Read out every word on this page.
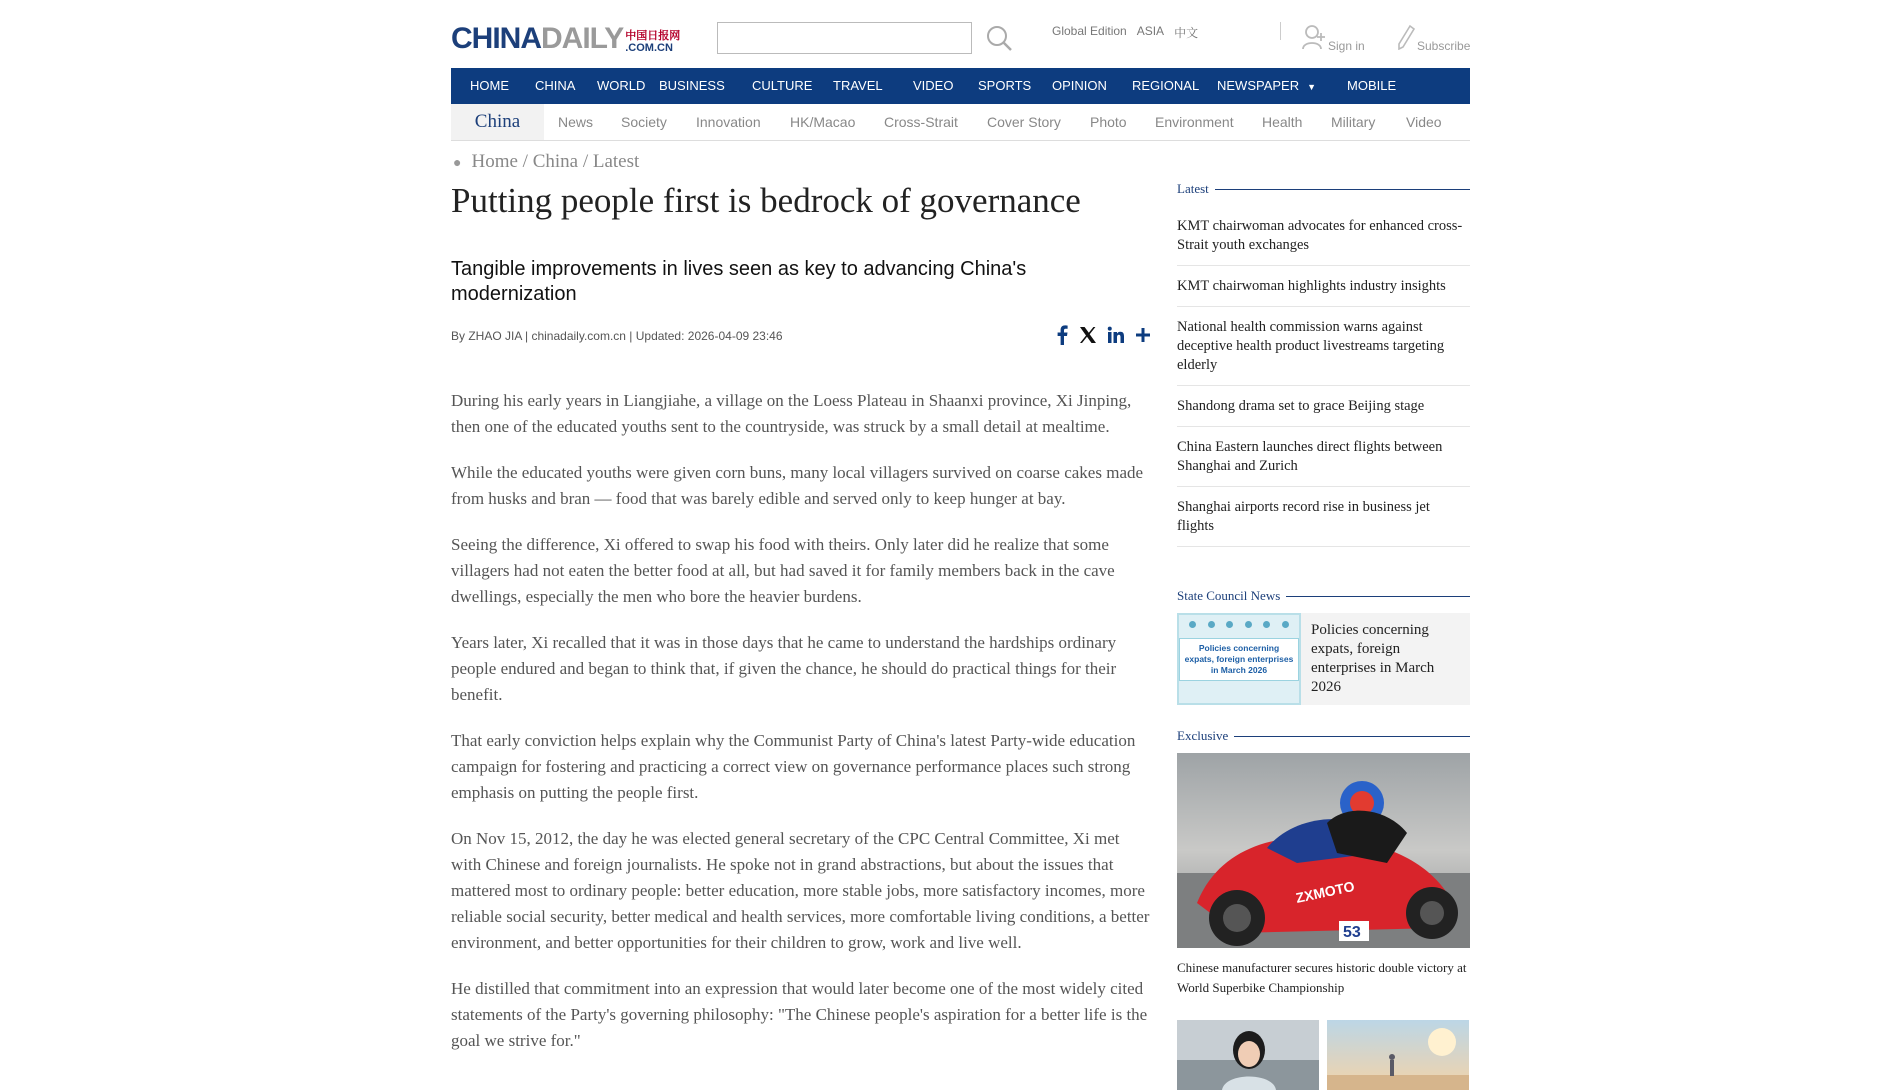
CHINA DAILY 中国日报网
.COM.CN
Global Edition ASIA 中文
Sign in	Subscribe
HOME CHINA WORLD BUSINESS CULTURE TRAVEL VIDEO SPORTS OPINION REGIONAL NEWSPAPER ▼ MOBILE
China	News Society Innovation HK/Macao Cross-Strait Cover Story Photo Environment Health Military Video
● Home / China / Latest
Putting people first is bedrock of governance
Tangible improvements in lives seen as key to advancing China's modernization
By ZHAO JIA | chinadaily.com.cn | Updated: 2026-04-09 23:46

During his early years in Liangjiahe, a village on the Loess Plateau in Shaanxi province, Xi Jinping, then one of the educated youths sent to the countryside, was struck by a small detail at mealtime.

While the educated youths were given corn buns, many local villagers survived on coarse cakes made from husks and bran — food that was barely edible and served only to keep hunger at bay.

Seeing the difference, Xi offered to swap his food with theirs. Only later did he realize that some villagers had not eaten the better food at all, but had saved it for family members back in the cave dwellings, especially the men who bore the heavier burdens.

Years later, Xi recalled that it was in those days that he came to understand the hardships ordinary people endured and began to think that, if given the chance, he should do practical things for their benefit.

That early conviction helps explain why the Communist Party of China's latest Party-wide education campaign for fostering and practicing a correct view on governance performance places such strong emphasis on putting the people first.

On Nov 15, 2012, the day he was elected general secretary of the CPC Central Committee, Xi met with Chinese and foreign journalists. He spoke not in grand abstractions, but about the issues that mattered most to ordinary people: better education, more stable jobs, more satisfactory incomes, more reliable social security, better medical and health services, more comfortable living conditions, a better environment, and better opportunities for their children to grow, work and live well.

He distilled that commitment into an expression that would later become one of the most widely cited statements of the Party's governing philosophy: "The Chinese people's aspiration for a better life is the goal we strive for."

Latest
KMT chairwoman advocates for enhanced cross-Strait youth exchanges
KMT chairwoman highlights industry insights
National health commission warns against deceptive health product livestreams targeting elderly
Shandong drama set to grace Beijing stage
China Eastern launches direct flights between Shanghai and Zurich
Shanghai airports record rise in business jet flights
State Council News
Policies concerning expats, foreign enterprises in March 2026
Policies concerning expats, foreign enterprises in March 2026
Exclusive
ZXMOTO
53
Chinese manufacturer secures historic double victory at World Superbike Championship
